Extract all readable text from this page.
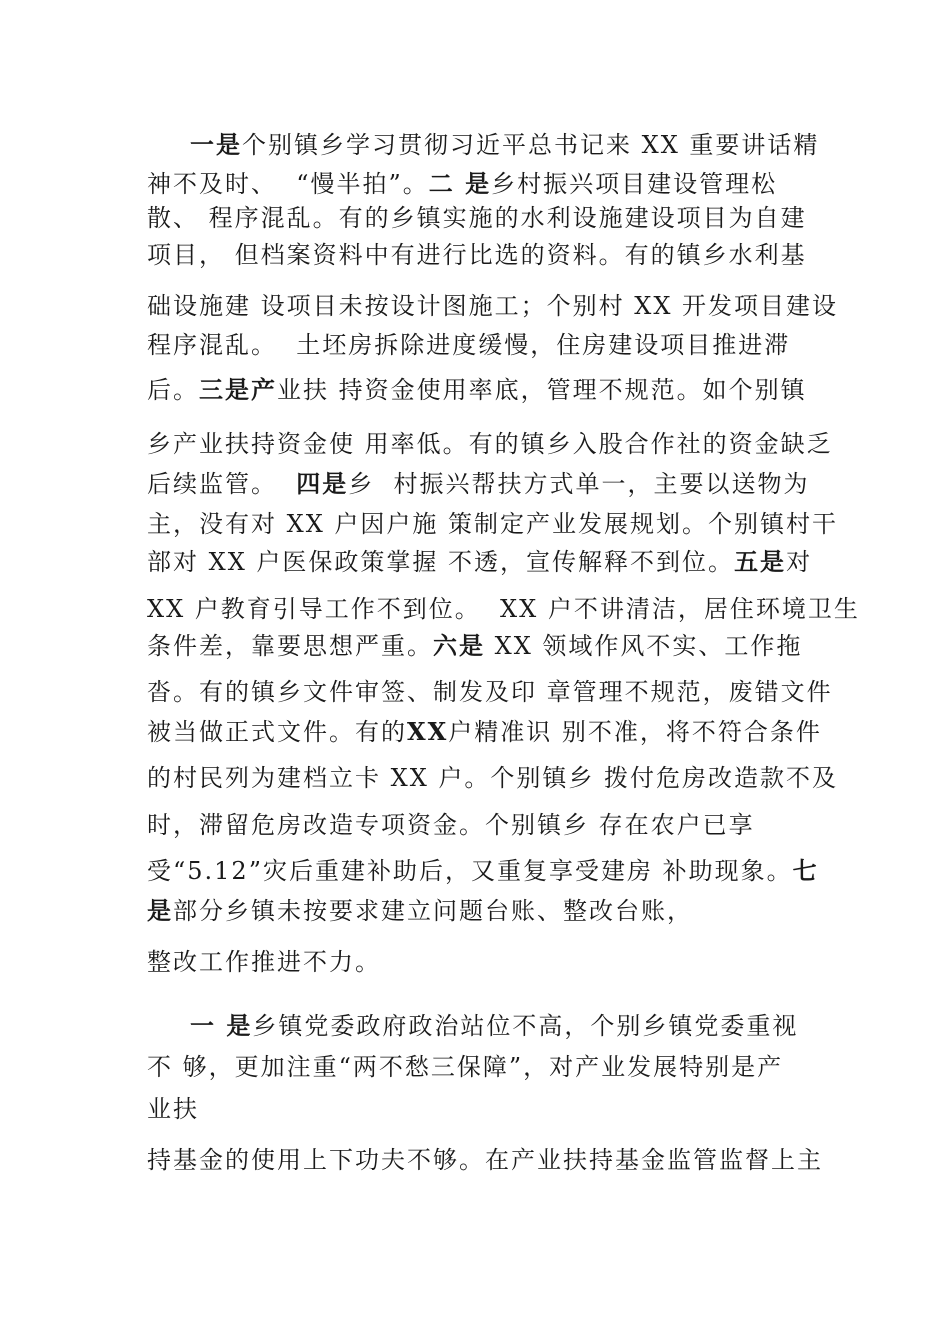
一是个别镇乡学习贯彻习近平总书记来 XX 重要讲话精
神不及时、  “慢半拍”。二 是乡村振兴项目建设管理松
散、 程序混乱。有的乡镇实施的水利设施建设项目为自建
项目， 但档案资料中有进行比选的资料。有的镇乡水利基
础设施建 设项目未按设计图施工；个别村 XX 开发项目建设
程序混乱。  土坯房拆除进度缓慢，住房建设项目推进滞
后。三是产业扶 持资金使用率底，管理不规范。如个别镇
乡产业扶持资金使 用率低。有的镇乡入股合作社的资金缺乏
后续监管。  四是乡  村振兴帮扶方式单一，主要以送物为
主，没有对 XX 户因户施 策制定产业发展规划。个别镇村干
部对 XX 户医保政策掌握 不透，宣传解释不到位。五是对
XX 户教育引导工作不到位。  XX 户不讲清洁，居住环境卫生
条件差，靠要思想严重。六是 XX 领域作风不实、工作拖
沓。有的镇乡文件审签、制发及印 章管理不规范，废错文件
被当做正式文件。有的XX户精准识 别不准，将不符合条件
的村民列为建档立卡 XX 户。个别镇乡 拨付危房改造款不及
时，滞留危房改造专项资金。个别镇乡 存在农户已享
受“5.12”灾后重建补助后，又重复享受建房 补助现象。七
是部分乡镇未按要求建立问题台账、整改台账，
整改工作推进不力。
一 是乡镇党委政府政治站位不高，个别乡镇党委重视
不 够，更加注重“两不愁三保障”，对产业发展特别是产
业扶
持基金的使用上下功夫不够。在产业扶持基金监管监督上主
